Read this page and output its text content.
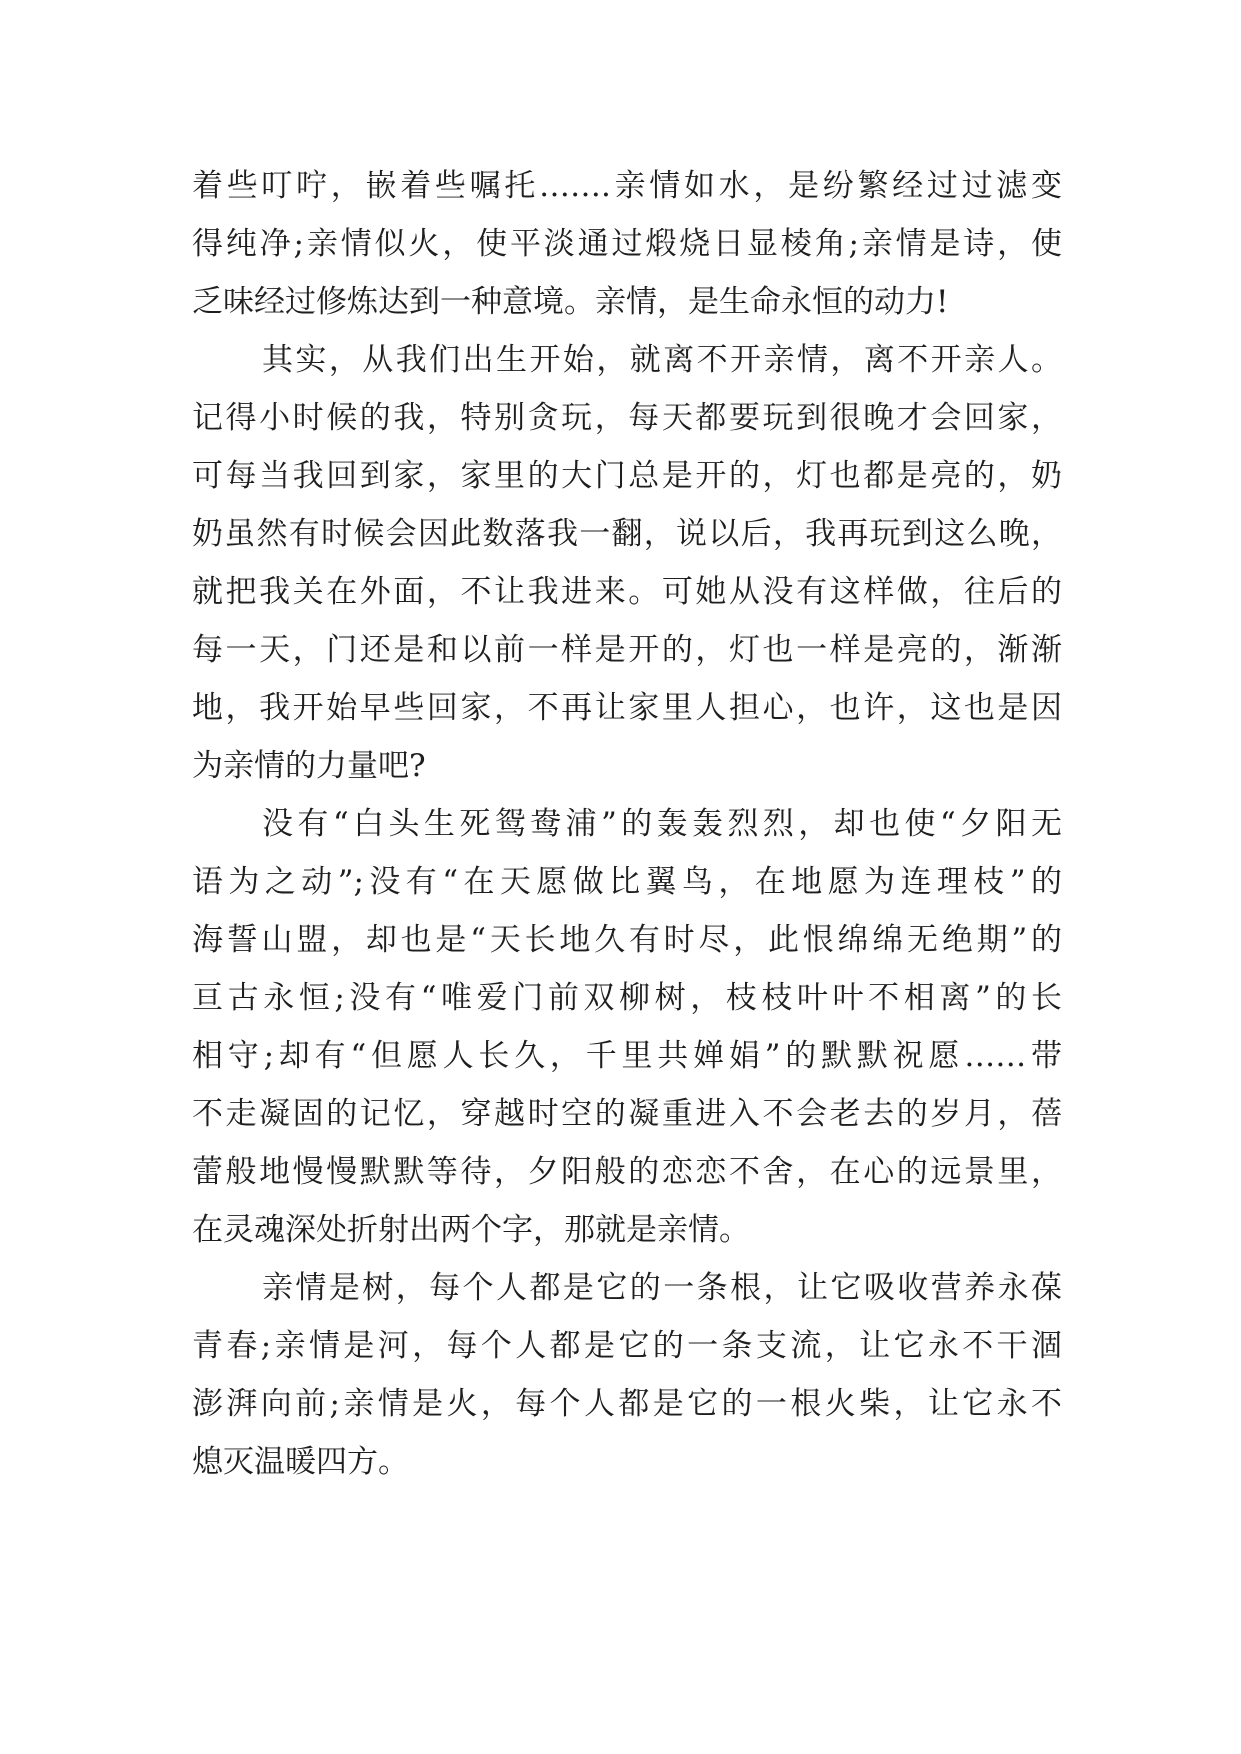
着些叮咛，嵌着些嘱托…….亲情如水，是纷繁经过过滤变
得纯净;亲情似火，使平淡通过煅烧日显棱角;亲情是诗，使
乏味经过修炼达到一种意境。亲情，是生命永恒的动力!
其实，从我们出生开始，就离不开亲情，离不开亲人。
记得小时候的我，特别贪玩，每天都要玩到很晚才会回家，
可每当我回到家，家里的大门总是开的，灯也都是亮的，奶
奶虽然有时候会因此数落我一翻，说以后，我再玩到这么晚，
就把我关在外面，不让我进来。可她从没有这样做，往后的
每一天，门还是和以前一样是开的，灯也一样是亮的，渐渐
地，我开始早些回家，不再让家里人担心，也许，这也是因
为亲情的力量吧?
没有“白头生死鸳鸯浦”的轰轰烈烈，却也使“夕阳无
语为之动”;没有“在天愿做比翼鸟，在地愿为连理枝”的
海誓山盟，却也是“天长地久有时尽，此恨绵绵无绝期”的
亘古永恒;没有“唯爱门前双柳树，枝枝叶叶不相离”的长
相守;却有“但愿人长久，千里共婵娟”的默默祝愿……带
不走凝固的记忆，穿越时空的凝重进入不会老去的岁月，蓓
蕾般地慢慢默默等待，夕阳般的恋恋不舍，在心的远景里，
在灵魂深处折射出两个字，那就是亲情。
亲情是树，每个人都是它的一条根，让它吸收营养永葆
青春;亲情是河，每个人都是它的一条支流，让它永不干涸
澎湃向前;亲情是火，每个人都是它的一根火柴，让它永不
熄灭温暖四方。
